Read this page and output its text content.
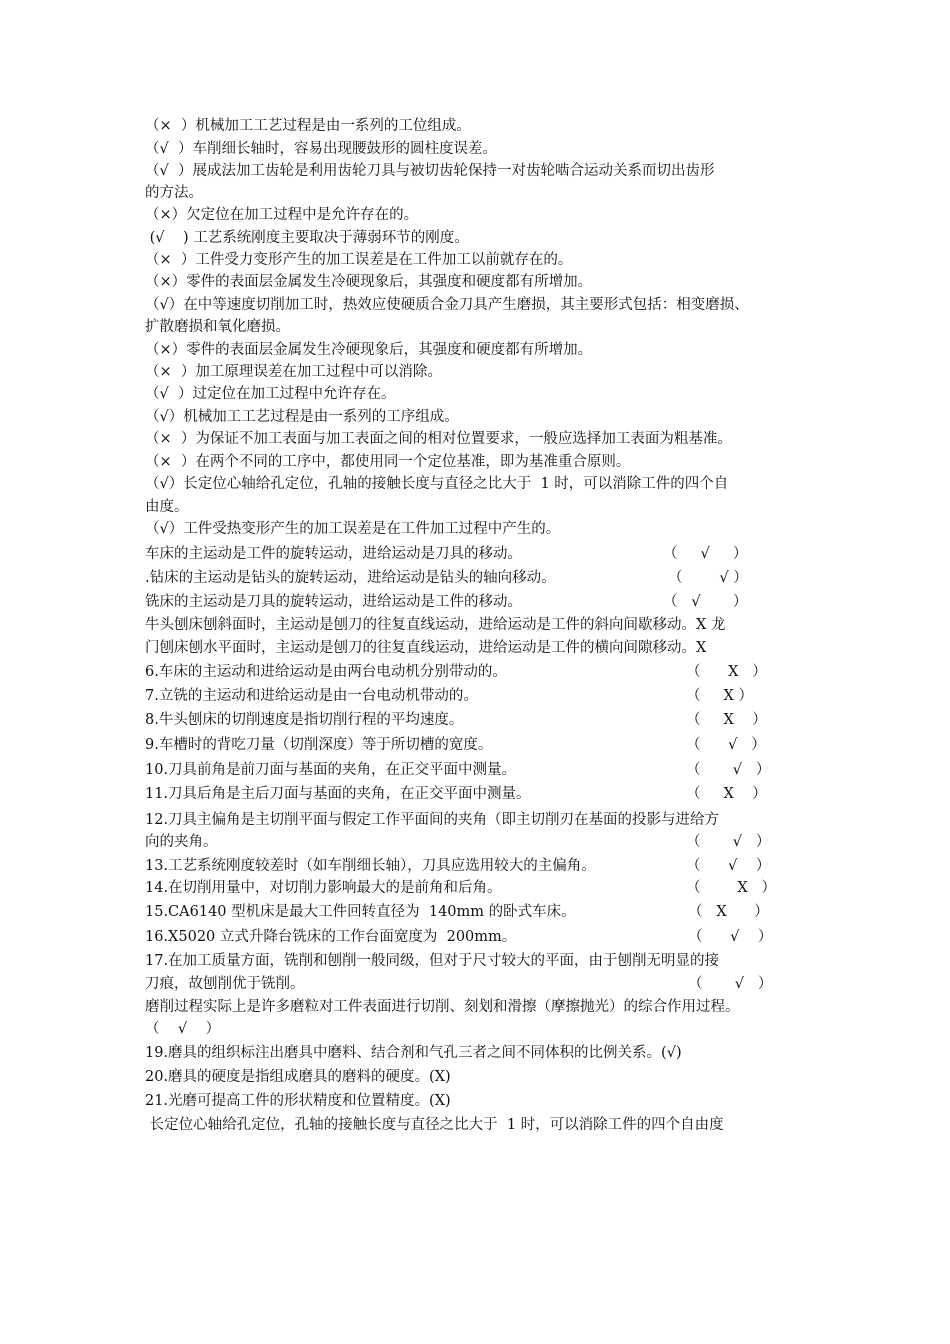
（×  ）机械加工工艺过程是由一系列的工位组成。

（√  ）车削细长轴时，容易出现腰鼓形的圆柱度误差。

（√  ）展成法加工齿轮是利用齿轮刀具与被切齿轮保持一对齿轮啮合运动关系而切出齿形

的方法。

（×）欠定位在加工过程中是允许存在的。

(√    ) 工艺系统刚度主要取决于薄弱环节的刚度。

（×  ）工件受力变形产生的加工误差是在工件加工以前就存在的。

（×）零件的表面层金属发生冷硬现象后，其强度和硬度都有所增加。

（√）在中等速度切削加工时，热效应使硬质合金刀具产生磨损，其主要形式包括：相变磨损、

扩散磨损和氧化磨损。

（×）零件的表面层金属发生冷硬现象后，其强度和硬度都有所增加。

（×  ）加工原理误差在加工过程中可以消除。

（√  ）过定位在加工过程中允许存在。

（√）机械加工工艺过程是由一系列的工序组成。

（×  ）为保证不加工表面与加工表面之间的相对位置要求，一般应选择加工表面为粗基准。

（×  ）在两个不同的工序中，都使用同一个定位基准，即为基准重合原则。

（√）长定位心轴给孔定位，孔轴的接触长度与直径之比大于  1 时，可以消除工件的四个自

由度。

（√）工件受热变形产生的加工误差是在工件加工过程中产生的。

车床的主运动是工件的旋转运动，进给运动是刀具的移动。	（     √     ）

.钻床的主运动是钻头的旋转运动，进给运动是钻头的轴向移动。	（        √ ）

铣床的主运动是刀具的旋转运动，进给运动是工件的移动。	（   √       ）

牛头刨床刨斜面时，主运动是刨刀的往复直线运动，进给运动是工件的斜向间歇移动。X 龙

门刨床刨水平面时，主运动是刨刀的往复直线运动，进给运动是工件的横向间隙移动。X

6.车床的主运动和进给运动是由两台电动机分别带动的。	（      X   ）

7.立铣的主运动和进给运动是由一台电动机带动的。	（     X ）

8.牛头刨床的切削速度是指切削行程的平均速度。	（     X    ）

9.车槽时的背吃刀量（切削深度）等于所切槽的宽度。	（      √   ）

10.刀具前角是前刀面与基面的夹角，在正交平面中测量。	（       √   ）

11.刀具后角是主后刀面与基面的夹角，在正交平面中测量。	（     X    ）

12.刀具主偏角是主切削平面与假定工作平面间的夹角（即主切削刃在基面的投影与进给方

向的夹角。	（       √   ）

13.工艺系统刚度较差时（如车削细长轴），刀具应选用较大的主偏角。	（      √    ）

14.在切削用量中，对切削力影响最大的是前角和后角。	（        X   ）

15.CA6140 型机床是最大工件回转直径为  140mm 的卧式车床。	（   X      ）

16.X5020 立式升降台铣床的工作台面宽度为  200mm。	（      √    ）

17.在加工质量方面，铣削和刨削一般同级，但对于尺寸较大的平面，由于刨削无明显的接

刀痕，故刨削优于铣削。	（       √   ）

磨削过程实际上是许多磨粒对工件表面进行切削、刻划和滑擦（摩擦抛光）的综合作用过程。

（    √    ）

19.磨具的组织标注出磨具中磨料、结合剂和气孔三者之间不同体积的比例关系。(√)

20.磨具的硬度是指组成磨具的磨料的硬度。(X)

21.光磨可提高工件的形状精度和位置精度。(X)

长定位心轴给孔定位，孔轴的接触长度与直径之比大于  1 时，可以消除工件的四个自由度
